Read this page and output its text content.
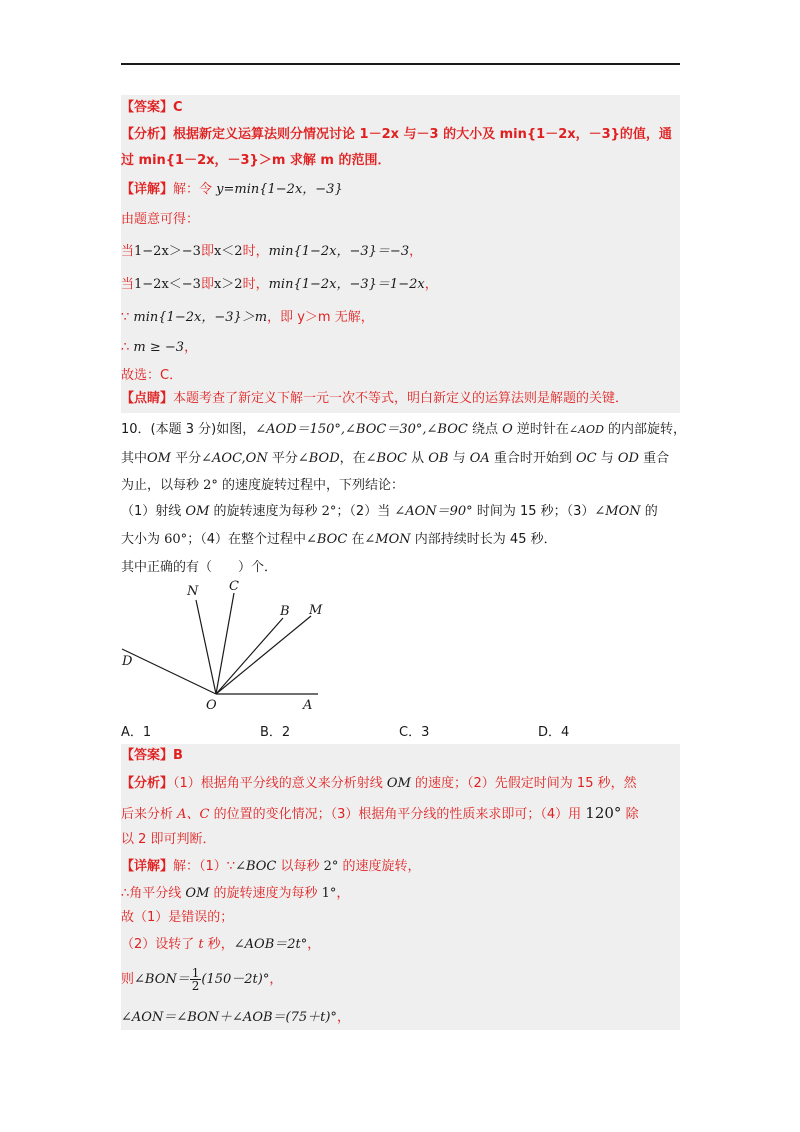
【答案】C
【分析】根据新定义运算法则分情况讨论 1－2x 与－3 的大小及 min{1－2x，－3}的值，通
过 min{1－2x，－3}＞m 求解 m 的范围．
【详解】解：令 y=min{1−2x，−3}
由题意可得：
当1−2x＞−3即x＜2时，min{1−2x，−3}＝−3，
当1−2x＜−3即x＞2时，min{1−2x，−3}＝1−2x，
∵ min{1−2x，−3}＞m，即 y＞m 无解，
∴ m ≥ −3，
故选：C．
【点睛】本题考查了新定义下解一元一次不等式，明白新定义的运算法则是解题的关键．
10．(本题 3 分)如图，∠AOD＝150°,∠BOC＝30°,∠BOC 绕点 O 逆时针在∠AOD 的内部旋转，
其中OM 平分∠AOC,ON 平分∠BOD，在∠BOC 从 OB 与 OA 重合时开始到 OC 与 OD 重合
为止，以每秒 2° 的速度旋转过程中，下列结论：
（1）射线 OM 的旋转速度为每秒 2°；（2）当 ∠AON＝90° 时间为 15 秒；（3）∠MON 的
大小为 60°；（4）在整个过程中∠BOC 在∠MON 内部持续时长为 45 秒．
其中正确的有（　　）个．
N C
B M
D
O	A
A．1	B．2	C．3	D．4
【答案】B
【分析】（1）根据角平分线的意义来分析射线 OM 的速度；（2）先假定时间为 15 秒，然
后来分析 A、C 的位置的变化情况；（3）根据角平分线的性质来求即可；（4）用 120° 除
以 2 即可判断．
【详解】解：（1）∵∠BOC 以每秒 2° 的速度旋转，
∴角平分线 OM 的旋转速度为每秒 1°，
故（1）是错误的；
（2）设转了 t 秒，∠AOB＝2t°，
则∠BON＝ $\frac{1}{2} (150-2t)^\circ$，
∠AON＝∠BON＋∠AOB＝(75＋t)°，
